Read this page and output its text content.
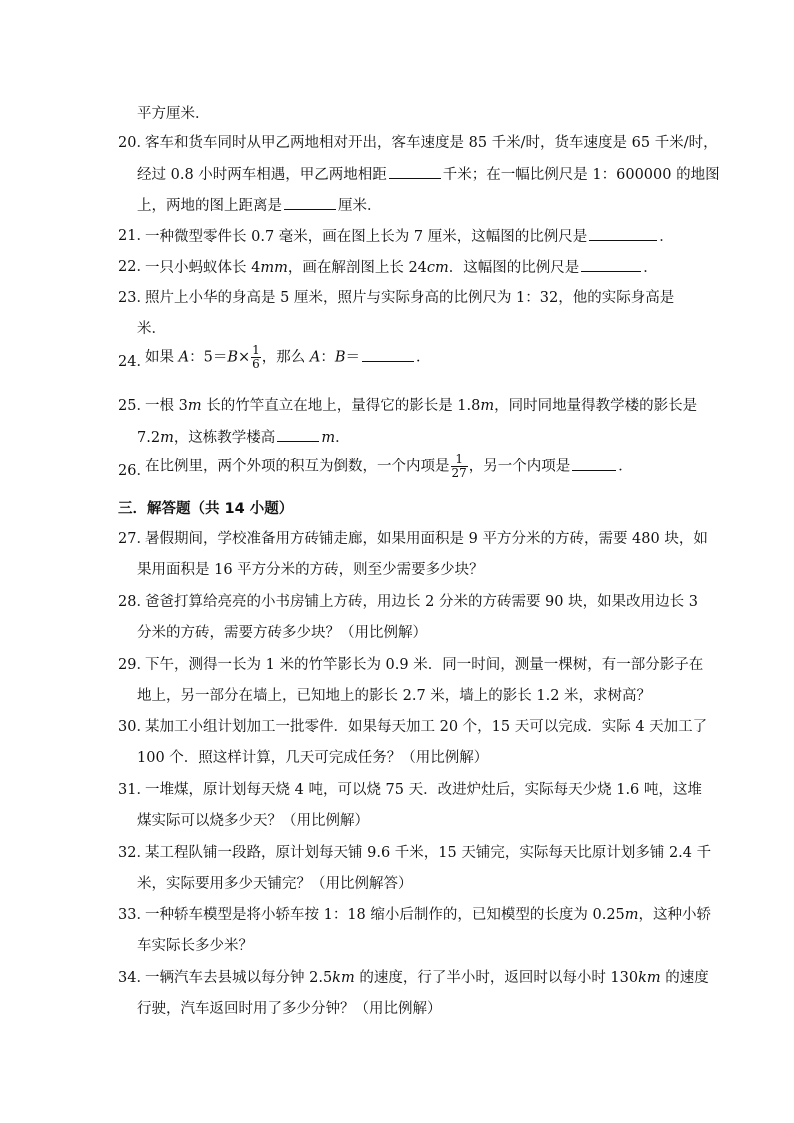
平方厘米．
20．
客车和货车同时从甲乙两地相对开出，客车速度是 85 千米/时，货车速度是 65 千米/时，
经过 0.8 小时两车相遇，甲乙两地相距	千米；在一幅比例尺是 1：600000 的地图
上，两地的图上距离是	厘米．
21．
一种微型零件长 0.7 毫米，画在图上长为 7 厘米，这幅图的比例尺是	．
22．
一只小蚂蚁体长 4mm，画在解剖图上长 24cm．这幅图的比例尺是	．
23．
照片上小华的身高是 5 厘米，照片与实际身高的比例尺为 1：32，他的实际身高是
米．
24．
如果 A：$5=B\times \frac{1}{6}$ ，那么 A：B＝	．
25．
一根 3m 长的竹竿直立在地上，量得它的影长是 1.8m，同时同地量得教学楼的影长是
7.2m，这栋教学楼高	m．
26．
在比例里，两个外项的积互为倒数，一个内项是 $\frac{1}{27}$ ，另一个内项是	．
三．解答题（共 14 小题）
27．
暑假期间，学校准备用方砖铺走廊，如果用面积是 9 平方分米的方砖，需要 480 块，如
果用面积是 16 平方分米的方砖，则至少需要多少块？
28．
爸爸打算给亮亮的小书房铺上方砖，用边长 2 分米的方砖需要 90 块，如果改用边长 3
分米的方砖，需要方砖多少块？（用比例解）
29．
下午，测得一长为 1 米的竹竿影长为 0.9 米．同一时间，测量一棵树，有一部分影子在
地上，另一部分在墙上，已知地上的影长 2.7 米，墙上的影长 1.2 米，求树高？
30．
某加工小组计划加工一批零件．如果每天加工 20 个，15 天可以完成．实际 4 天加工了
100 个．照这样计算，几天可完成任务？（用比例解）
31．
一堆煤，原计划每天烧 4 吨，可以烧 75 天．改进炉灶后，实际每天少烧 1.6 吨，这堆
煤实际可以烧多少天？（用比例解）
32．
某工程队铺一段路，原计划每天铺 9.6 千米，15 天铺完，实际每天比原计划多铺 2.4 千
米，实际要用多少天铺完？（用比例解答）
33．
一种轿车模型是将小轿车按 1：18 缩小后制作的，已知模型的长度为 0.25m，这种小轿
车实际长多少米？
34．
一辆汽车去县城以每分钟 2.5km 的速度，行了半小时，返回时以每小时 130km 的速度
行驶，汽车返回时用了多少分钟？（用比例解）
